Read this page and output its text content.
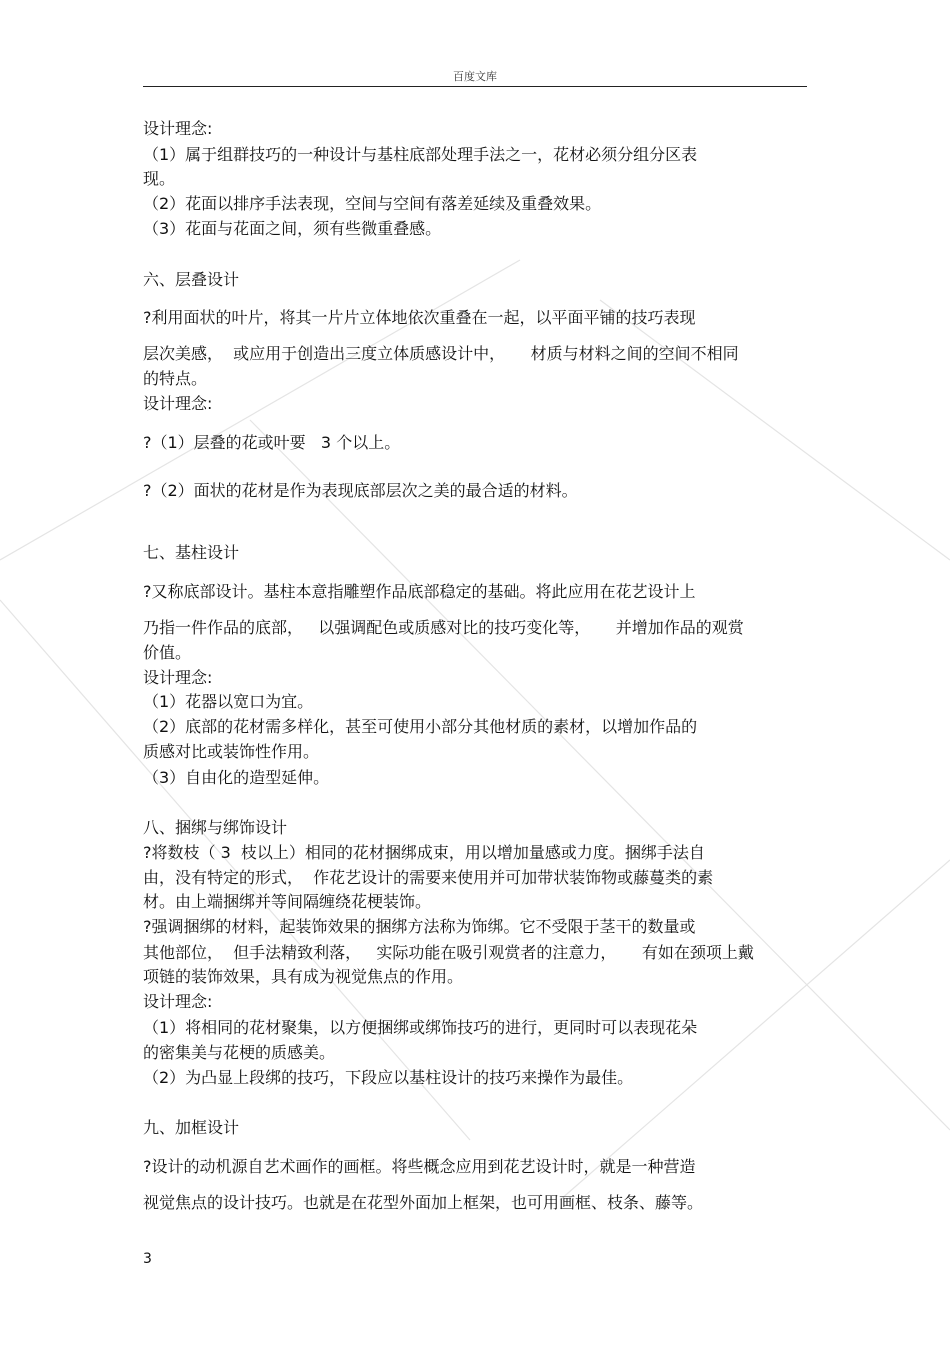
百度文库
设计理念:
（1）属于组群技巧的一种设计与基柱底部处理手法之一，花材必须分组分区表
现。
（2）花面以排序手法表现，空间与空间有落差延续及重叠效果。
（3）花面与花面之间，须有些微重叠感。
六、层叠设计
?利用面状的叶片，将其一片片立体地依次重叠在一起，以平面平铺的技巧表现
层次美感，  或应用于创造出三度立体质感设计中，     材质与材料之间的空间不相同
的特点。
设计理念:
?（1）层叠的花或叶要   3 个以上。
?（2）面状的花材是作为表现底部层次之美的最合适的材料。
七、基柱设计
?又称底部设计。基柱本意指雕塑作品底部稳定的基础。将此应用在花艺设计上
乃指一件作品的底部，   以强调配色或质感对比的技巧变化等，     并增加作品的观赏
价值。
设计理念:
（1）花器以宽口为宜。
（2）底部的花材需多样化，甚至可使用小部分其他材质的素材，以增加作品的
质感对比或装饰性作用。
（3）自由化的造型延伸。
八、捆绑与绑饰设计
?将数枝（ 3  枝以上）相同的花材捆绑成束，用以增加量感或力度。捆绑手法自
由，没有特定的形式，  作花艺设计的需要来使用并可加带状装饰物或藤蔓类的素
材。由上端捆绑并等间隔缠绕花梗装饰。
?强调捆绑的材料，起装饰效果的捆绑方法称为饰绑。它不受限于茎干的数量或
其他部位，  但手法精致利落，   实际功能在吸引观赏者的注意力，     有如在颈项上戴
项链的装饰效果，具有成为视觉焦点的作用。
设计理念:
（1）将相同的花材聚集，以方便捆绑或绑饰技巧的进行，更同时可以表现花朵
的密集美与花梗的质感美。
（2）为凸显上段绑的技巧，下段应以基柱设计的技巧来操作为最佳。
九、加框设计
?设计的动机源自艺术画作的画框。将些概念应用到花艺设计时，就是一种营造
视觉焦点的设计技巧。也就是在花型外面加上框架，也可用画框、枝条、藤等。
3
